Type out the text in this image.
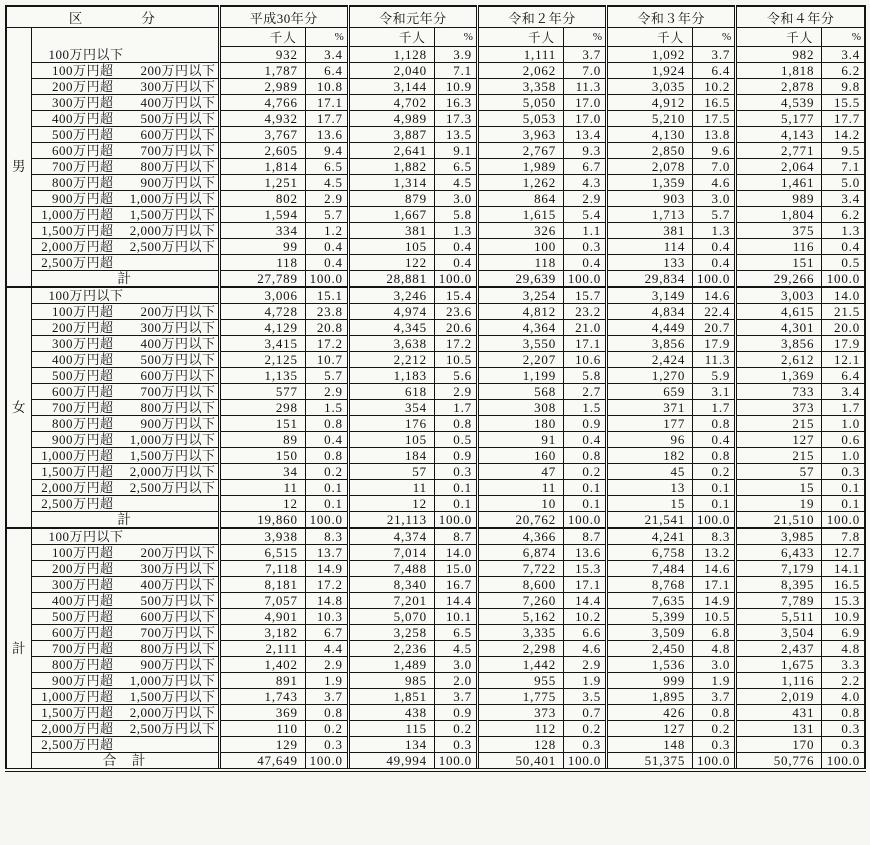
区　　　　分		平成30年分		令和元年分		令和２年分		令和３年分		令和４年分	
		千人	%	千人	%	千人	%	千人	%	千人	%
男	100万円以下	932	3.4	1,128	3.9	1,111	3.7	1,092	3.7	982	3.4
	100万円超 200万円以下	1,787	6.4	2,040	7.1	2,062	7.0	1,924	6.4	1,818	6.2
	200万円超 300万円以下	2,989	10.8	3,144	10.9	3,358	11.3	3,035	10.2	2,878	9.8
	300万円超 400万円以下	4,766	17.1	4,702	16.3	5,050	17.0	4,912	16.5	4,539	15.5
	400万円超 500万円以下	4,932	17.7	4,989	17.3	5,053	17.0	5,210	17.5	5,177	17.7
	500万円超 600万円以下	3,767	13.6	3,887	13.5	3,963	13.4	4,130	13.8	4,143	14.2
	600万円超 700万円以下	2,605	9.4	2,641	9.1	2,767	9.3	2,850	9.6	2,771	9.5
	700万円超 800万円以下	1,814	6.5	1,882	6.5	1,989	6.7	2,078	7.0	2,064	7.1
	800万円超 900万円以下	1,251	4.5	1,314	4.5	1,262	4.3	1,359	4.6	1,461	5.0
	900万円超 1,000万円以下	802	2.9	879	3.0	864	2.9	903	3.0	989	3.4
	1,000万円超 1,500万円以下	1,594	5.7	1,667	5.8	1,615	5.4	1,713	5.7	1,804	6.2
	1,500万円超 2,000万円以下	334	1.2	381	1.3	326	1.1	381	1.3	375	1.3
	2,000万円超 2,500万円以下	99	0.4	105	0.4	100	0.3	114	0.4	116	0.4
	2,500万円超	118	0.4	122	0.4	118	0.4	133	0.4	151	0.5
	計	27,789	100.0	28,881	100.0	29,639	100.0	29,834	100.0	29,266	100.0
女	100万円以下	3,006	15.1	3,246	15.4	3,254	15.7	3,149	14.6	3,003	14.0
	100万円超 200万円以下	4,728	23.8	4,974	23.6	4,812	23.2	4,834	22.4	4,615	21.5
	200万円超 300万円以下	4,129	20.8	4,345	20.6	4,364	21.0	4,449	20.7	4,301	20.0
	300万円超 400万円以下	3,415	17.2	3,638	17.2	3,550	17.1	3,856	17.9	3,856	17.9
	400万円超 500万円以下	2,125	10.7	2,212	10.5	2,207	10.6	2,424	11.3	2,612	12.1
	500万円超 600万円以下	1,135	5.7	1,183	5.6	1,199	5.8	1,270	5.9	1,369	6.4
	600万円超 700万円以下	577	2.9	618	2.9	568	2.7	659	3.1	733	3.4
	700万円超 800万円以下	298	1.5	354	1.7	308	1.5	371	1.7	373	1.7
	800万円超 900万円以下	151	0.8	176	0.8	180	0.9	177	0.8	215	1.0
	900万円超 1,000万円以下	89	0.4	105	0.5	91	0.4	96	0.4	127	0.6
	1,000万円超 1,500万円以下	150	0.8	184	0.9	160	0.8	182	0.8	215	1.0
	1,500万円超 2,000万円以下	34	0.2	57	0.3	47	0.2	45	0.2	57	0.3
	2,000万円超 2,500万円以下	11	0.1	11	0.1	11	0.1	13	0.1	15	0.1
	2,500万円超	12	0.1	12	0.1	10	0.1	15	0.1	19	0.1
	計	19,860	100.0	21,113	100.0	20,762	100.0	21,541	100.0	21,510	100.0
計	100万円以下	3,938	8.3	4,374	8.7	4,366	8.7	4,241	8.3	3,985	7.8
	100万円超 200万円以下	6,515	13.7	7,014	14.0	6,874	13.6	6,758	13.2	6,433	12.7
	200万円超 300万円以下	7,118	14.9	7,488	15.0	7,722	15.3	7,484	14.6	7,179	14.1
	300万円超 400万円以下	8,181	17.2	8,340	16.7	8,600	17.1	8,768	17.1	8,395	16.5
	400万円超 500万円以下	7,057	14.8	7,201	14.4	7,260	14.4	7,635	14.9	7,789	15.3
	500万円超 600万円以下	4,901	10.3	5,070	10.1	5,162	10.2	5,399	10.5	5,511	10.9
	600万円超 700万円以下	3,182	6.7	3,258	6.5	3,335	6.6	3,509	6.8	3,504	6.9
	700万円超 800万円以下	2,111	4.4	2,236	4.5	2,298	4.6	2,450	4.8	2,437	4.8
	800万円超 900万円以下	1,402	2.9	1,489	3.0	1,442	2.9	1,536	3.0	1,675	3.3
	900万円超 1,000万円以下	891	1.9	985	2.0	955	1.9	999	1.9	1,116	2.2
	1,000万円超 1,500万円以下	1,743	3.7	1,851	3.7	1,775	3.5	1,895	3.7	2,019	4.0
	1,500万円超 2,000万円以下	369	0.8	438	0.9	373	0.7	426	0.8	431	0.8
	2,000万円超 2,500万円以下	110	0.2	115	0.2	112	0.2	127	0.2	131	0.3
	2,500万円超	129	0.3	134	0.3	128	0.3	148	0.3	170	0.3
	合　計	47,649	100.0	49,994	100.0	50,401	100.0	51,375	100.0	50,776	100.0
